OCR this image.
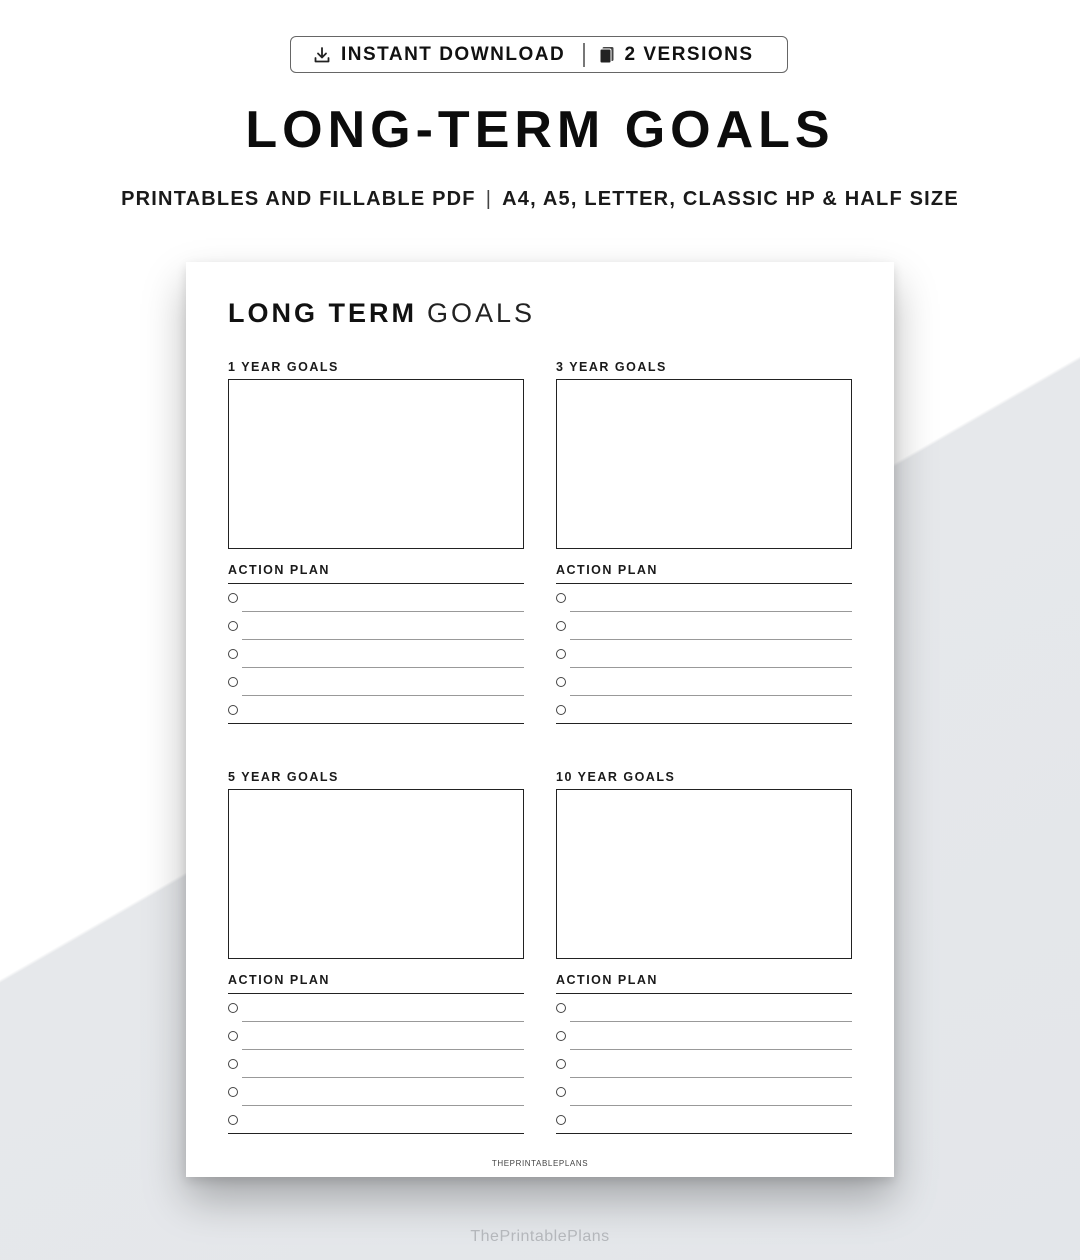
INSTANT DOWNLOAD	2 VERSIONS
LONG-TERM GOALS
PRINTABLES AND FILLABLE PDF | A4, A5, LETTER, CLASSIC HP & HALF SIZE
LONG TERM GOALS
1 YEAR GOALS
ACTION PLAN
3 YEAR GOALS
ACTION PLAN
5 YEAR GOALS
ACTION PLAN
10 YEAR GOALS
ACTION PLAN
THEPRINTABLEPLANS
ThePrintablePlans
